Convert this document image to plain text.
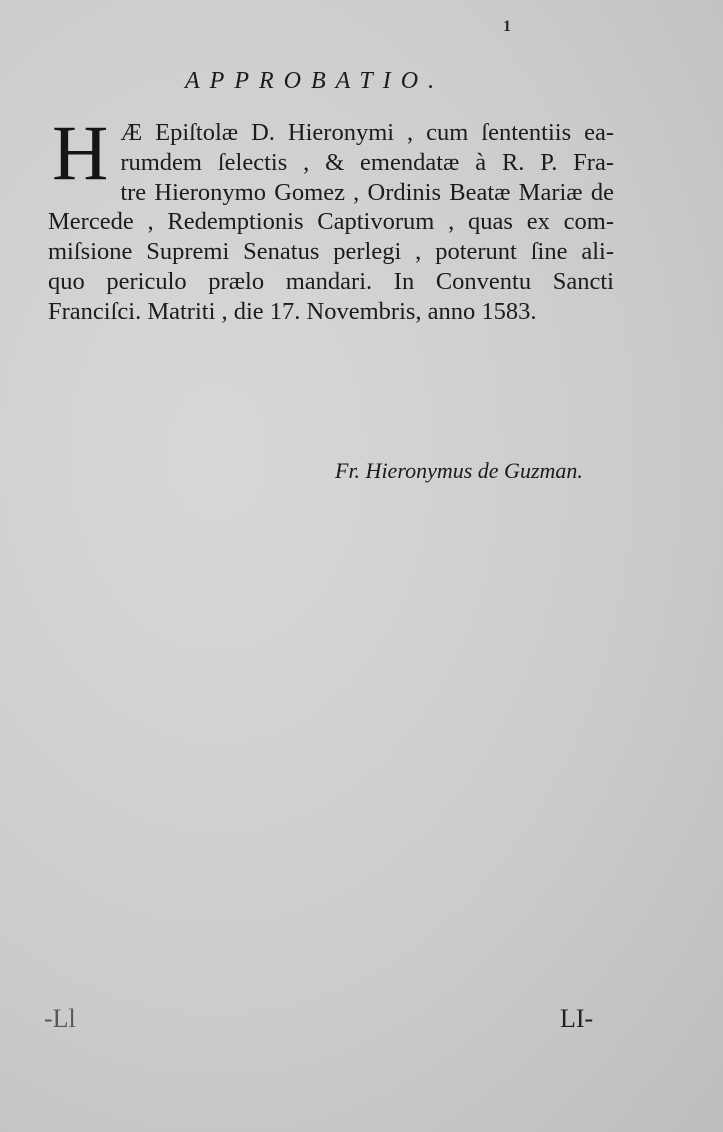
1
APPROBATIO.
H Æ Epiſtolæ D. Hieronymi , cum ſententiis ea-
rumdem ſelectis , & emendatæ à R. P. Fra-
tre Hieronymo Gomez , Ordinis Beatæ Mariæ de
Mercede , Redemptionis Captivorum , quas ex com-
miſsione Supremi Senatus perlegi , poterunt ſine ali-
quo periculo prælo mandari. In Conventu Sancti
Franciſci. Matriti , die 17. Novembris, anno 1583.
Fr. Hieronymus de Guzman.
-Ll	LI-
